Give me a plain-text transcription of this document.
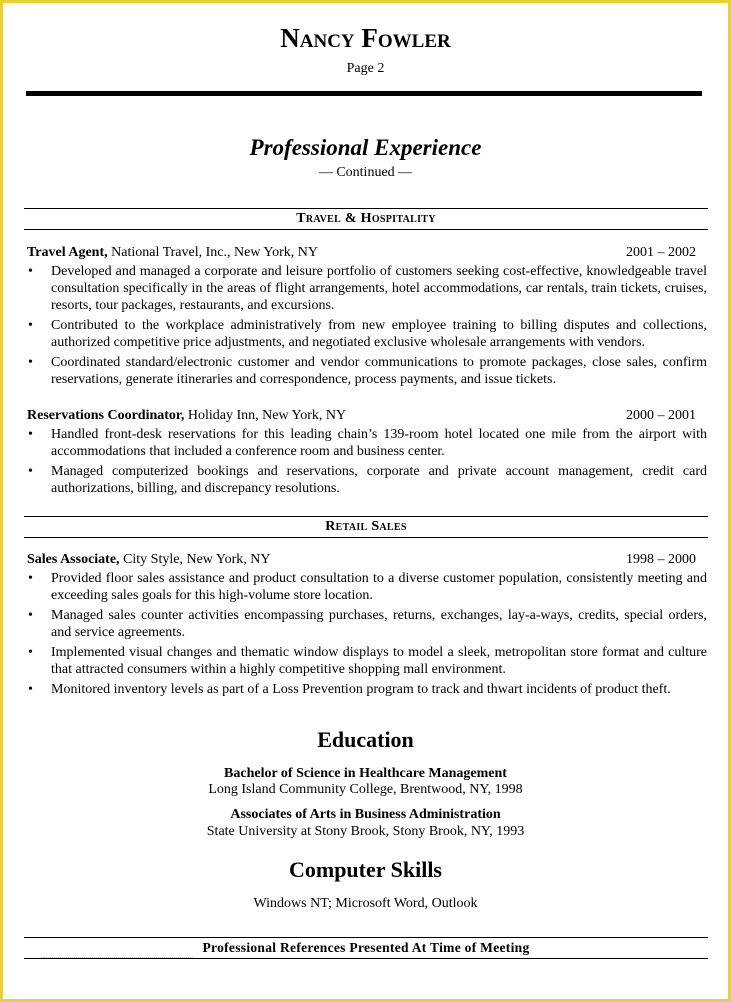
Nancy Fowler
Page 2
Professional Experience
— Continued —
Travel & Hospitality
Travel Agent, National Travel, Inc., New York, NY	2001 – 2002
• Developed and managed a corporate and leisure portfolio of customers seeking cost-effective, knowledgeable travel consultation specifically in the areas of flight arrangements, hotel accommodations, car rentals, train tickets, cruises, resorts, tour packages, restaurants, and excursions.
• Contributed to the workplace administratively from new employee training to billing disputes and collections, authorized competitive price adjustments, and negotiated exclusive wholesale arrangements with vendors.
• Coordinated standard/electronic customer and vendor communications to promote packages, close sales, confirm reservations, generate itineraries and correspondence, process payments, and issue tickets.
Reservations Coordinator, Holiday Inn, New York, NY	2000 – 2001
• Handled front-desk reservations for this leading chain’s 139-room hotel located one mile from the airport with accommodations that included a conference room and business center.
• Managed computerized bookings and reservations, corporate and private account management, credit card authorizations, billing, and discrepancy resolutions.
Retail Sales
Sales Associate, City Style, New York, NY	1998 – 2000
• Provided floor sales assistance and product consultation to a diverse customer population, consistently meeting and exceeding sales goals for this high-volume store location.
• Managed sales counter activities encompassing purchases, returns, exchanges, lay-a-ways, credits, special orders, and service agreements.
• Implemented visual changes and thematic window displays to model a sleek, metropolitan store format and culture that attracted consumers within a highly competitive shopping mall environment.
• Monitored inventory levels as part of a Loss Prevention program to track and thwart incidents of product theft.
Education
Bachelor of Science in Healthcare Management
Long Island Community College, Brentwood, NY, 1998
Associates of Arts in Business Administration
State University at Stony Brook, Stony Brook, NY, 1993
Computer Skills
Windows NT; Microsoft Word, Outlook
Professional References Presented At Time of Meeting
